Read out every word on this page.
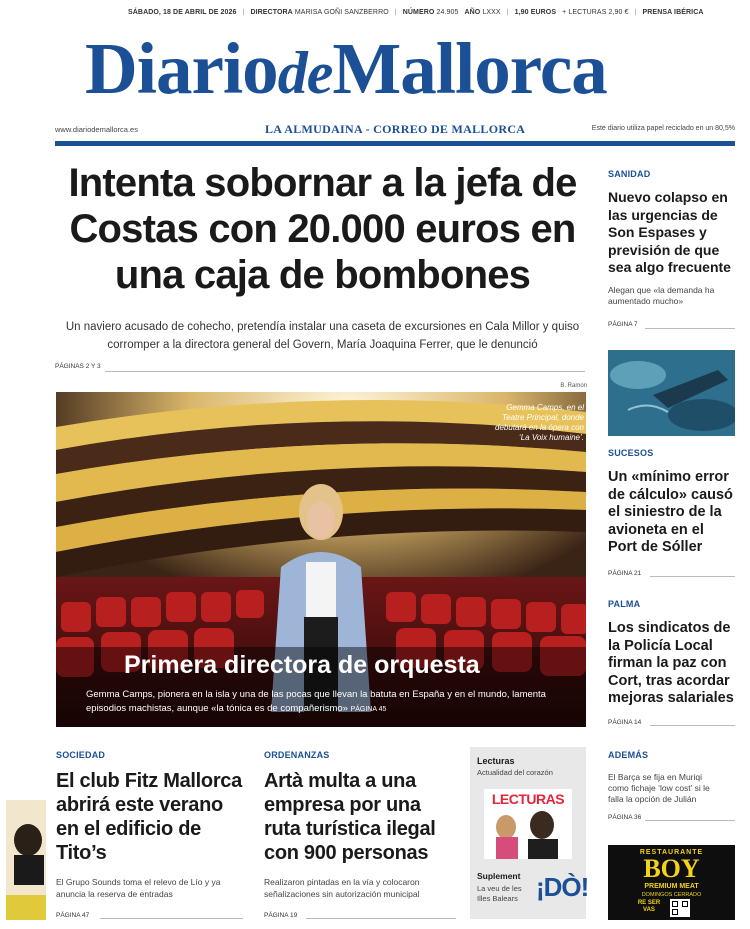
SÁBADO, 18 DE ABRIL DE 2026 | DIRECTORA MARISA GOÑI SANZBERRO | NÚMERO 24.905 AÑO LXXX | 1,90 EUROS + LECTURAS 2,90 € | PRENSA IBÉRICA
DiariodeMallorca
www.diariodemallorca.es	LA ALMUDAINA - CORREO DE MALLORCA	Este diario utiliza papel reciclado en un 80,5%
Intenta sobornar a la jefa de Costas con 20.000 euros en una caja de bombones

Un naviero acusado de cohecho, pretendía instalar una caseta de excursiones en Cala Millor y quiso corromper a la directora general del Govern, María Joaquina Ferrer, que le denunció

PÁGINAS 2 Y 3
B. Ramon

Gemma Camps, en el Teatre Principal, donde debutará en la ópera con ‘La Voix humaine’.

Primera directora de orquesta

Gemma Camps, pionera en la isla y una de las pocas que llevan la batuta en España y en el mundo, lamenta episodios machistas, aunque «la tónica es de compañerismo» PÁGINA 45

SANIDAD
Nuevo colapso en las urgencias de Son Espases y previsión de que sea algo frecuente

Alegan que «la demanda ha aumentado mucho»

PÁGINA 7
SUCESOS
Un «mínimo error de cálculo» causó el siniestro de la avioneta en el Port de Sóller
PÁGINA 21
PALMA
Los sindicatos de la Policía Local firman la paz con Cort, tras acordar mejoras salariales
PÁGINA 14
ADEMÁS

El Barça se fija en Muriqi como fichaje ‘low cost’ si le falla la opción de Julián

PÁGINA 36
RESTAURANTE
BOY
PREMIUM MEAT
DOMINGOS CERRADO
RE SER VAS
SOCIEDAD
El club Fitz Mallorca abrirá este verano en el edificio de Tito’s

El Grupo Sounds toma el relevo de Lío y ya anuncia la reserva de entradas

PÁGINA 47
ORDENANZAS
Artà multa a una empresa por una ruta turística ilegal con 900 personas

Realizaron pintadas en la vía y colocaron señalizaciones sin autorización municipal

PÁGINA 19
Lecturas
Actualidad del corazón
LECTURAS
Suplement
La veu de les Illes Balears ¡DÒ!
